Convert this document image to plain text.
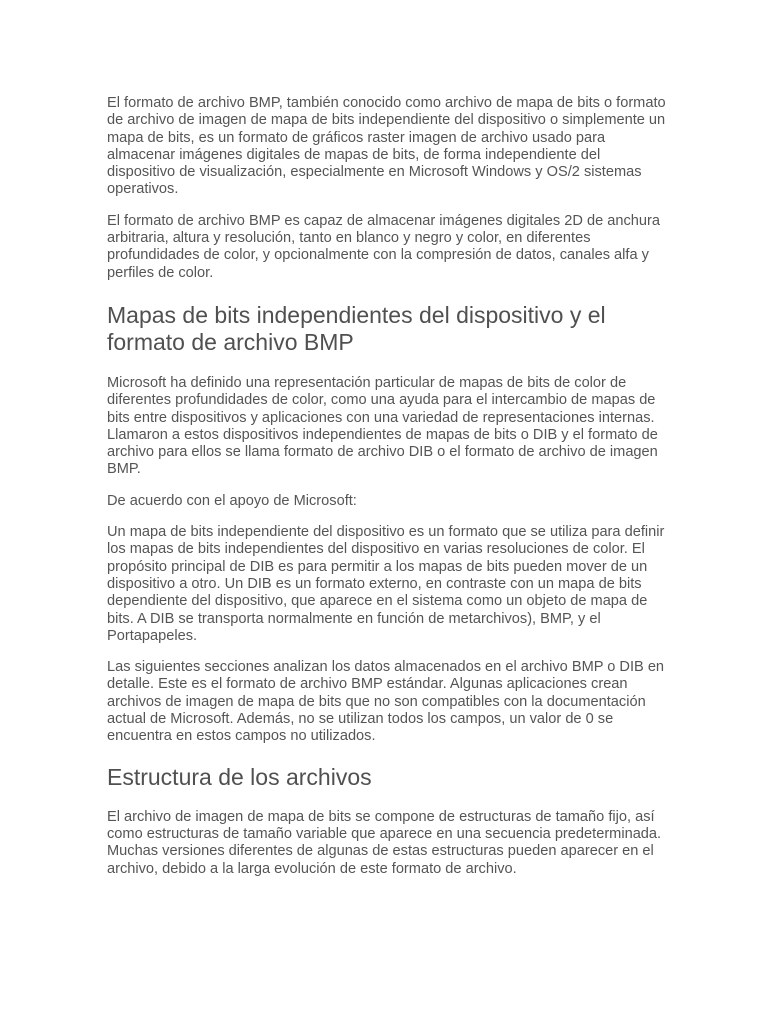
El formato de archivo BMP, también conocido como archivo de mapa de bits o formato de archivo de imagen de mapa de bits independiente del dispositivo o simplemente un mapa de bits, es un formato de gráficos raster imagen de archivo usado para almacenar imágenes digitales de mapas de bits, de forma independiente del dispositivo de visualización, especialmente en Microsoft Windows y OS/2 sistemas operativos.

El formato de archivo BMP es capaz de almacenar imágenes digitales 2D de anchura arbitraria, altura y resolución, tanto en blanco y negro y color, en diferentes profundidades de color, y opcionalmente con la compresión de datos, canales alfa y perfiles de color.

Mapas de bits independientes del dispositivo y el formato de archivo BMP

Microsoft ha definido una representación particular de mapas de bits de color de diferentes profundidades de color, como una ayuda para el intercambio de mapas de bits entre dispositivos y aplicaciones con una variedad de representaciones internas. Llamaron a estos dispositivos independientes de mapas de bits o DIB y el formato de archivo para ellos se llama formato de archivo DIB o el formato de archivo de imagen BMP.

De acuerdo con el apoyo de Microsoft:

Un mapa de bits independiente del dispositivo es un formato que se utiliza para definir los mapas de bits independientes del dispositivo en varias resoluciones de color. El propósito principal de DIB es para permitir a los mapas de bits pueden mover de un dispositivo a otro. Un DIB es un formato externo, en contraste con un mapa de bits dependiente del dispositivo, que aparece en el sistema como un objeto de mapa de bits. A DIB se transporta normalmente en función de metarchivos), BMP, y el Portapapeles.

Las siguientes secciones analizan los datos almacenados en el archivo BMP o DIB en detalle. Este es el formato de archivo BMP estándar. Algunas aplicaciones crean archivos de imagen de mapa de bits que no son compatibles con la documentación actual de Microsoft. Además, no se utilizan todos los campos, un valor de 0 se encuentra en estos campos no utilizados.

Estructura de los archivos

El archivo de imagen de mapa de bits se compone de estructuras de tamaño fijo, así como estructuras de tamaño variable que aparece en una secuencia predeterminada. Muchas versiones diferentes de algunas de estas estructuras pueden aparecer en el archivo, debido a la larga evolución de este formato de archivo.
